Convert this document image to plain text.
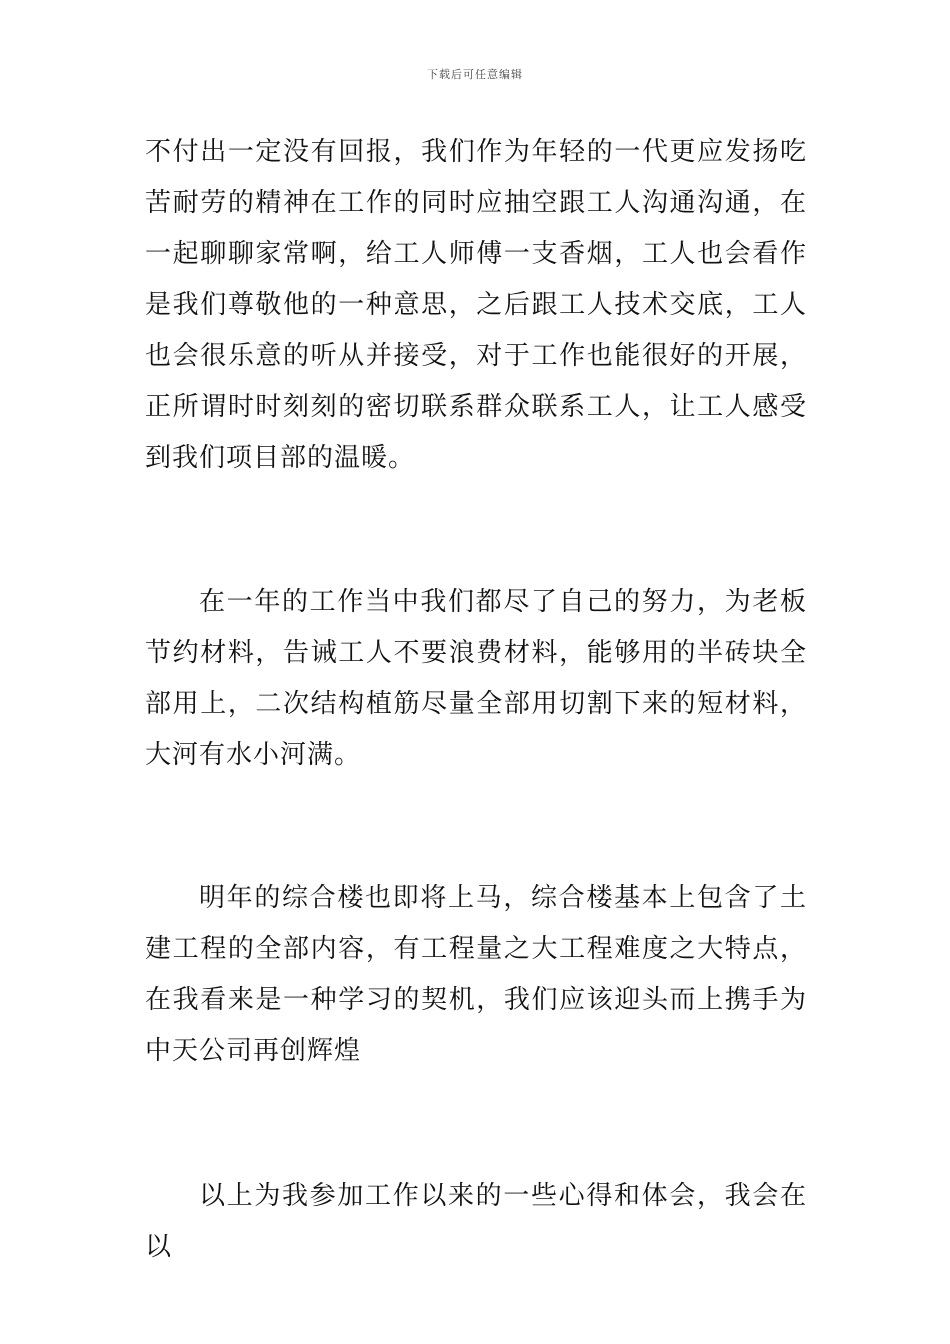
下载后可任意编辑

不付出一定没有回报，我们作为年轻的一代更应发扬吃苦耐劳的精神在工作的同时应抽空跟工人沟通沟通，在一起聊聊家常啊，给工人师傅一支香烟，工人也会看作是我们尊敬他的一种意思，之后跟工人技术交底，工人也会很乐意的听从并接受，对于工作也能很好的开展，正所谓时时刻刻的密切联系群众联系工人，让工人感受到我们项目部的温暖。

在一年的工作当中我们都尽了自己的努力，为老板节约材料，告诫工人不要浪费材料，能够用的半砖块全部用上，二次结构植筋尽量全部用切割下来的短材料，大河有水小河满。

明年的综合楼也即将上马，综合楼基本上包含了土建工程的全部内容，有工程量之大工程难度之大特点，在我看来是一种学习的契机，我们应该迎头而上携手为中天公司再创辉煌

以上为我参加工作以来的一些心得和体会，我会在以
